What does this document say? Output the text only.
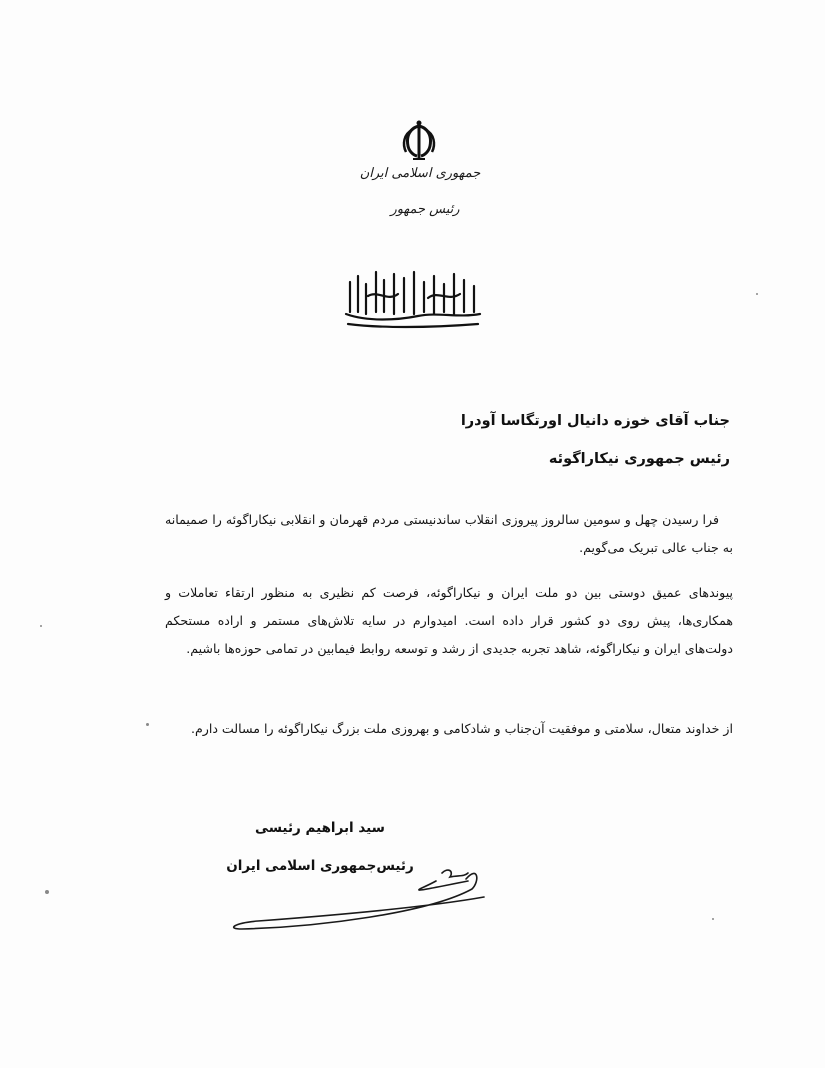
جمهوری اسلامی ایران
رئیس جمهور
جناب آقای خوزه دانیال اورتگاسا آودرا
رئیس جمهوری نیکاراگوئه
فرا رسیدن چهل و سومین سالروز پیروزی انقلاب ساندنیستی مردم قهرمان و انقلابی نیکاراگوئه را صمیمانه به جناب عالی تبریک می‌گویم.
پیوندهای عمیق دوستی بین دو ملت ایران و نیکاراگوئه، فرصت کم نظیری به منظور ارتقاء تعاملات و همکاری‌ها، پیش روی دو کشور قرار داده است. امیدوارم در سایه تلاش‌های مستمر و اراده مستحکم دولت‌های ایران و نیکاراگوئه، شاهد تجربه جدیدی از رشد و توسعه روابط فیمابین در تمامی حوزه‌ها باشیم.
از خداوند متعال، سلامتی و موفقیت آن‌جناب و شادکامی و بهروزی ملت بزرگ نیکاراگوئه را مسالت دارم.
سید ابراهیم رئیسی
رئیس‌جمهوری اسلامی ایران
